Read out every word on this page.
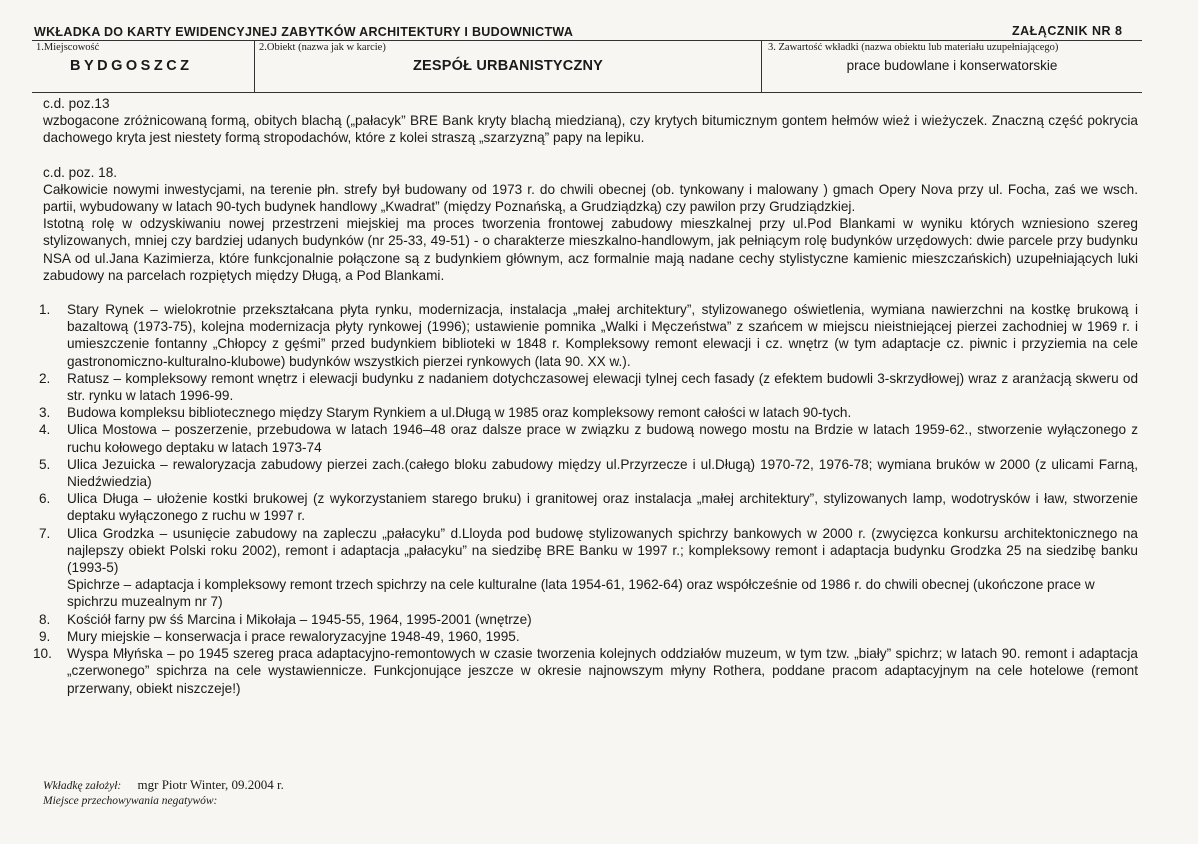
WKŁADKA DO KARTY EWIDENCYJNEJ ZABYTKÓW ARCHITEKTURY I BUDOWNICTWA	ZAŁĄCZNIK NR 8
1.Miejscowość
BYDGOSZCZ
2.Obiekt (nazwa jak w karcie)
ZESPÓŁ URBANISTYCZNY
3. Zawartość wkładki (nazwa obiektu lub materiału uzupełniającego)
prace budowlane i konserwatorskie

c.d. poz.13

wzbogacone zróżnicowaną formą, obitych blachą („pałacyk” BRE Bank kryty blachą miedzianą), czy krytych bitumicznym gontem hełmów wież i wieżyczek. Znaczną część pokrycia dachowego kryta jest niestety formą stropodachów, które z kolei straszą „szarzyzną” papy na lepiku.

c.d. poz. 18.

Całkowicie nowymi inwestycjami, na terenie płn. strefy był budowany od 1973 r. do chwili obecnej (ob. tynkowany i malowany ) gmach Opery Nova przy ul. Focha, zaś we wsch. partii, wybudowany w latach 90-tych budynek handlowy „Kwadrat” (między Poznańską, a Grudziądzką) czy pawilon przy Grudziądzkiej.

Istotną rolę w odzyskiwaniu nowej przestrzeni miejskiej ma proces tworzenia frontowej zabudowy mieszkalnej przy ul.Pod Blankami w wyniku których wzniesiono szereg stylizowanych, mniej czy bardziej udanych budynków (nr 25-33, 49-51) - o charakterze mieszkalno-handlowym, jak pełniącym rolę budynków urzędowych: dwie parcele przy budynku NSA od ul.Jana Kazimierza, które funkcjonalnie połączone są z budynkiem głównym, acz formalnie mają nadane cechy stylistyczne kamienic mieszczańskich) uzupełniających luki zabudowy na parcelach rozpiętych między Długą, a Pod Blankami.

1. Stary Rynek – wielokrotnie przekształcana płyta rynku, modernizacja, instalacja „małej architektury”, stylizowanego oświetlenia, wymiana nawierzchni na kostkę brukową i bazaltową (1973-75), kolejna modernizacja płyty rynkowej (1996); ustawienie pomnika „Walki i Męczeństwa” z szańcem w miejscu nieistniejącej pierzei zachodniej w 1969 r. i umieszczenie fontanny „Chłopcy z gęśmi” przed budynkiem biblioteki w 1848 r. Kompleksowy remont elewacji i cz. wnętrz (w tym adaptacje cz. piwnic i przyziemia na cele gastronomiczno-kulturalno-klubowe) budynków wszystkich pierzei rynkowych (lata 90. XX w.).
2. Ratusz – kompleksowy remont wnętrz i elewacji budynku z nadaniem dotychczasowej elewacji tylnej cech fasady (z efektem budowli 3-skrzydłowej) wraz z aranżacją skweru od str. rynku w latach 1996-99.
3. Budowa kompleksu bibliotecznego między Starym Rynkiem a ul.Długą w 1985 oraz kompleksowy remont całości w latach 90-tych.
4. Ulica Mostowa – poszerzenie, przebudowa w latach 1946–48 oraz dalsze prace w związku z budową nowego mostu na Brdzie w latach 1959-62., stworzenie wyłączonego z ruchu kołowego deptaku w latach 1973-74
5. Ulica Jezuicka – rewaloryzacja zabudowy pierzei zach.(całego bloku zabudowy między ul.Przyrzecze i ul.Długą) 1970-72, 1976-78; wymiana bruków w 2000 (z ulicami Farną, Niedźwiedzia)
6. Ulica Długa – ułożenie kostki brukowej (z wykorzystaniem starego bruku) i granitowej oraz instalacja „małej architektury”, stylizowanych lamp, wodotrysków i ław, stworzenie deptaku wyłączonego z ruchu w 1997 r.
7. Ulica Grodzka – usunięcie zabudowy na zapleczu „pałacyku” d.Lloyda pod budowę stylizowanych spichrzy bankowych w 2000 r. (zwycięzca konkursu architektonicznego na najlepszy obiekt Polski roku 2002), remont i adaptacja „pałacyku” na siedzibę BRE Banku w 1997 r.; kompleksowy remont i adaptacja budynku Grodzka 25 na siedzibę banku (1993-5)
Spichrze – adaptacja i kompleksowy remont trzech spichrzy na cele kulturalne (lata 1954-61, 1962-64) oraz współcześnie od 1986 r. do chwili obecnej (ukończone prace w spichrzu muzealnym nr 7)
8. Kościół farny pw śś Marcina i Mikołaja – 1945-55, 1964, 1995-2001 (wnętrze)
9. Mury miejskie – konserwacja i prace rewaloryzacyjne 1948-49, 1960, 1995.
10. Wyspa Młyńska – po 1945 szereg praca adaptacyjno-remontowych w czasie tworzenia kolejnych oddziałów muzeum, w tym tzw. „biały” spichrz; w latach 90. remont i adaptacja „czerwonego” spichrza na cele wystawiennicze. Funkcjonujące jeszcze w okresie najnowszym młyny Rothera, poddane pracom adaptacyjnym na cele hotelowe (remont przerwany, obiekt niszczeje!)
Wkładkę założył: mgr Piotr Winter, 09.2004 r.
Miejsce przechowywania negatywów:
